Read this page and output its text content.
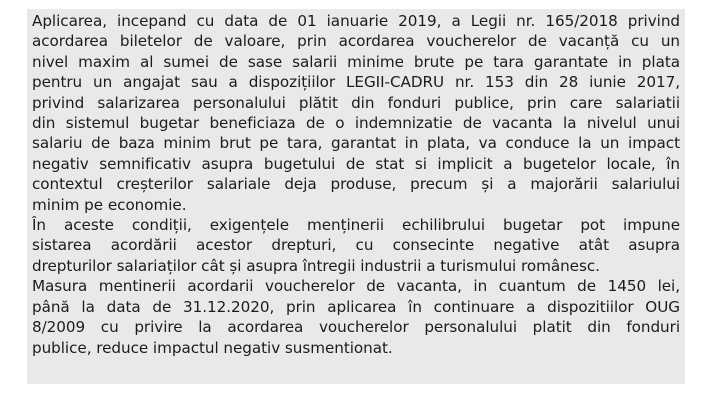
Aplicarea, incepand cu data de 01 ianuarie 2019, a Legii nr. 165/2018 privind
acordarea biletelor de valoare, prin acordarea voucherelor de vacanță cu un
nivel maxim al sumei de sase salarii minime brute pe tara garantate in plata
pentru un angajat sau a dispozițiilor LEGII-CADRU nr. 153 din 28 iunie 2017,
privind salarizarea personalului plătit din fonduri publice, prin care salariatii
din sistemul bugetar beneficiaza de o indemnizatie de vacanta la nivelul unui
salariu de baza minim brut pe tara, garantat in plata, va conduce la un impact
negativ semnificativ asupra bugetului de stat si implicit a bugetelor locale, în
contextul creșterilor salariale deja produse, precum și a majorării salariului
minim pe economie.
În aceste condiții, exigențele menținerii echilibrului bugetar pot impune
sistarea acordării acestor drepturi, cu consecinte negative atât asupra
drepturilor salariaților cât și asupra întregii industrii a turismului românesc.
Masura mentinerii acordarii voucherelor de vacanta, in cuantum de 1450 lei,
până la data de 31.12.2020, prin aplicarea în continuare a dispozitiilor OUG
8/2009 cu privire la acordarea voucherelor personalului platit din fonduri
publice, reduce impactul negativ susmentionat.
